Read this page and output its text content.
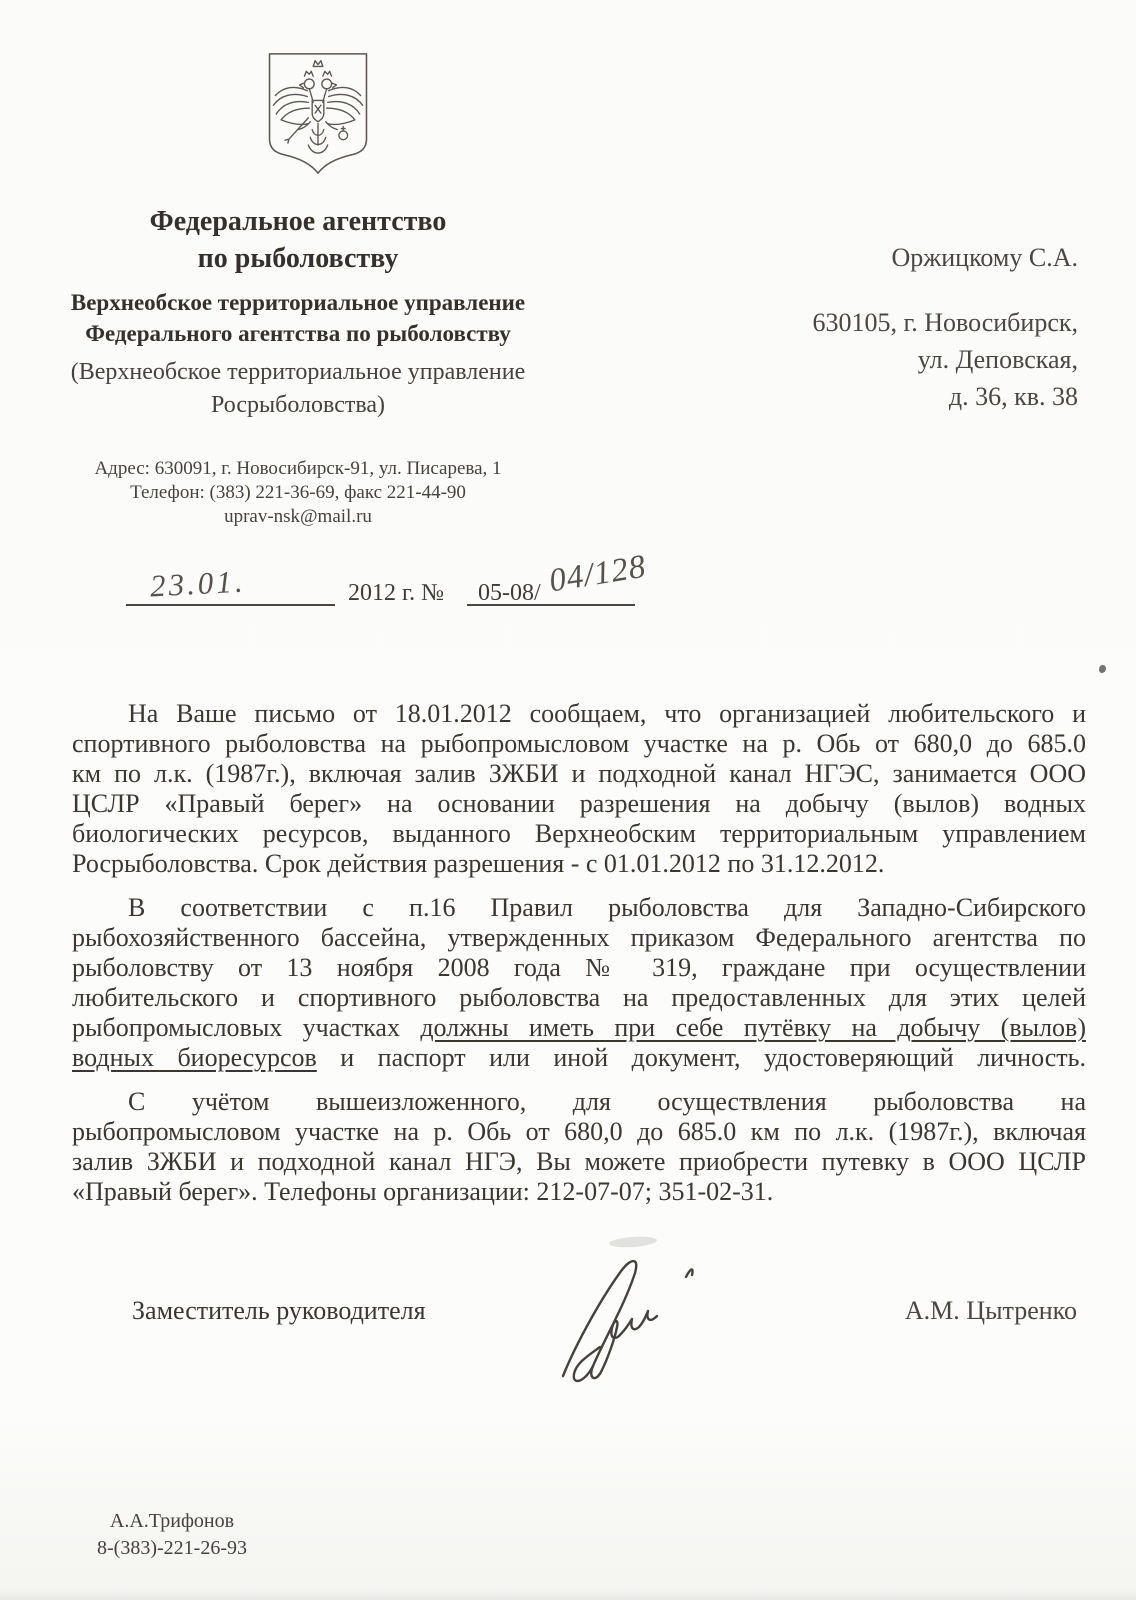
Федеральное агентство
по рыболовству
Верхнеобское территориальное управление
Федерального агентства по рыболовству
(Верхнеобское территориальное управление
Росрыболовства)
Оржицкому С.А.
630105, г. Новосибирск,
ул. Деповская,
д. 36, кв. 38
Адрес: 630091, г. Новосибирск-91, ул. Писарева, 1
Телефон: (383) 221-36-69, факс 221-44-90
uprav-nsk@mail.ru
23.01.	2012 г. № 05-08/ 04/128
На Ваше письмо от 18.01.2012 сообщаем, что организацией любительского и
спортивного рыболовства на рыбопромысловом участке на р. Обь от 680,0 до 685.0
км по л.к. (1987г.), включая залив ЗЖБИ и подходной канал НГЭС, занимается ООО
ЦСЛР «Правый берег» на основании разрешения на добычу (вылов) водных
биологических ресурсов, выданного Верхнеобским территориальным управлением
Росрыболовства. Срок действия разрешения - с 01.01.2012 по 31.12.2012.
В соответствии с п.16 Правил рыболовства для Западно-Сибирского
рыбохозяйственного бассейна, утвержденных приказом Федерального агентства по
рыболовству от 13 ноября 2008 года № 319, граждане при осуществлении
любительского и спортивного рыболовства на предоставленных для этих целей
рыбопромысловых участках должны иметь при себе путёвку на добычу (вылов)
водных биоресурсов и паспорт или иной документ, удостоверяющий личность.
С учётом вышеизложенного, для осуществления рыболовства на
рыбопромысловом участке на р. Обь от 680,0 до 685.0 км по л.к. (1987г.), включая
залив ЗЖБИ и подходной канал НГЭ, Вы можете приобрести путевку в ООО ЦСЛР
«Правый берег». Телефоны организации: 212-07-07; 351-02-31.
Заместитель руководителя	А.М. Цытренко
А.А.Трифонов
8-(383)-221-26-93
